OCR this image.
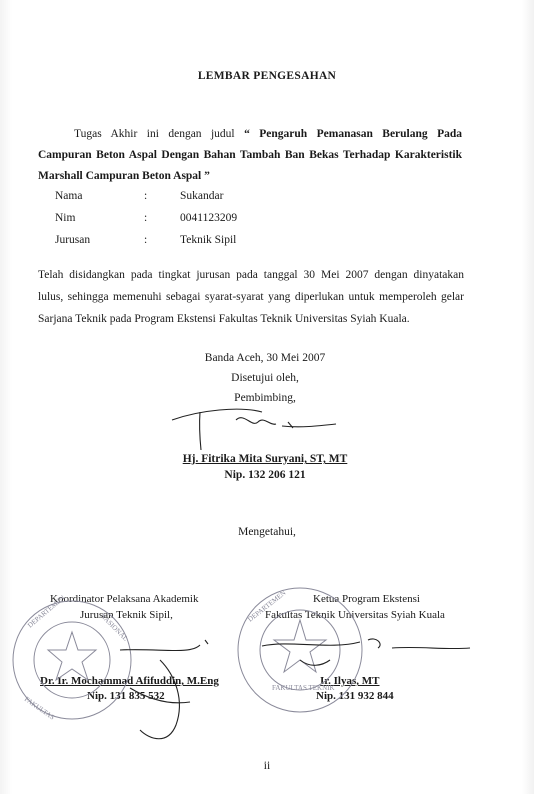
LEMBAR PENGESAHAN
Tugas Akhir ini dengan judul “ Pengaruh Pemanasan Berulang Pada
Campuran Beton Aspal Dengan Bahan Tambah Ban Bekas Terhadap Karakteristik
Marshall Campuran Beton Aspal ”
Nama	:	Sukandar
Nim	:	0041123209
Jurusan	:	Teknik Sipil
Telah disidangkan pada tingkat jurusan pada tanggal 30 Mei 2007 dengan dinyatakan
lulus, sehingga memenuhi sebagai syarat-syarat yang diperlukan untuk memperoleh gelar
Sarjana Teknik pada Program Ekstensi Fakultas Teknik Universitas Syiah Kuala.
Banda Aceh, 30 Mei 2007
Disetujui oleh,
Pembimbing,
Hj. Fitrika Mita Suryani, ST, MT
Nip. 132 206 121
Mengetahui,
Koordinator Pelaksana Akademik
Jurusan Teknik Sipil,
Dr. Ir. Mochammad Afifuddin, M.Eng
Nip. 131 835 532
Ketua Program Ekstensi
Fakultas Teknik Universitas Syiah Kuala
Ir. Ilyas, MT
Nip. 131 932 844
ii
DEPARTEMEN
FAKULTAS
NASIONAL
DEPARTEMEN
FAKULTAS TEKNIK
